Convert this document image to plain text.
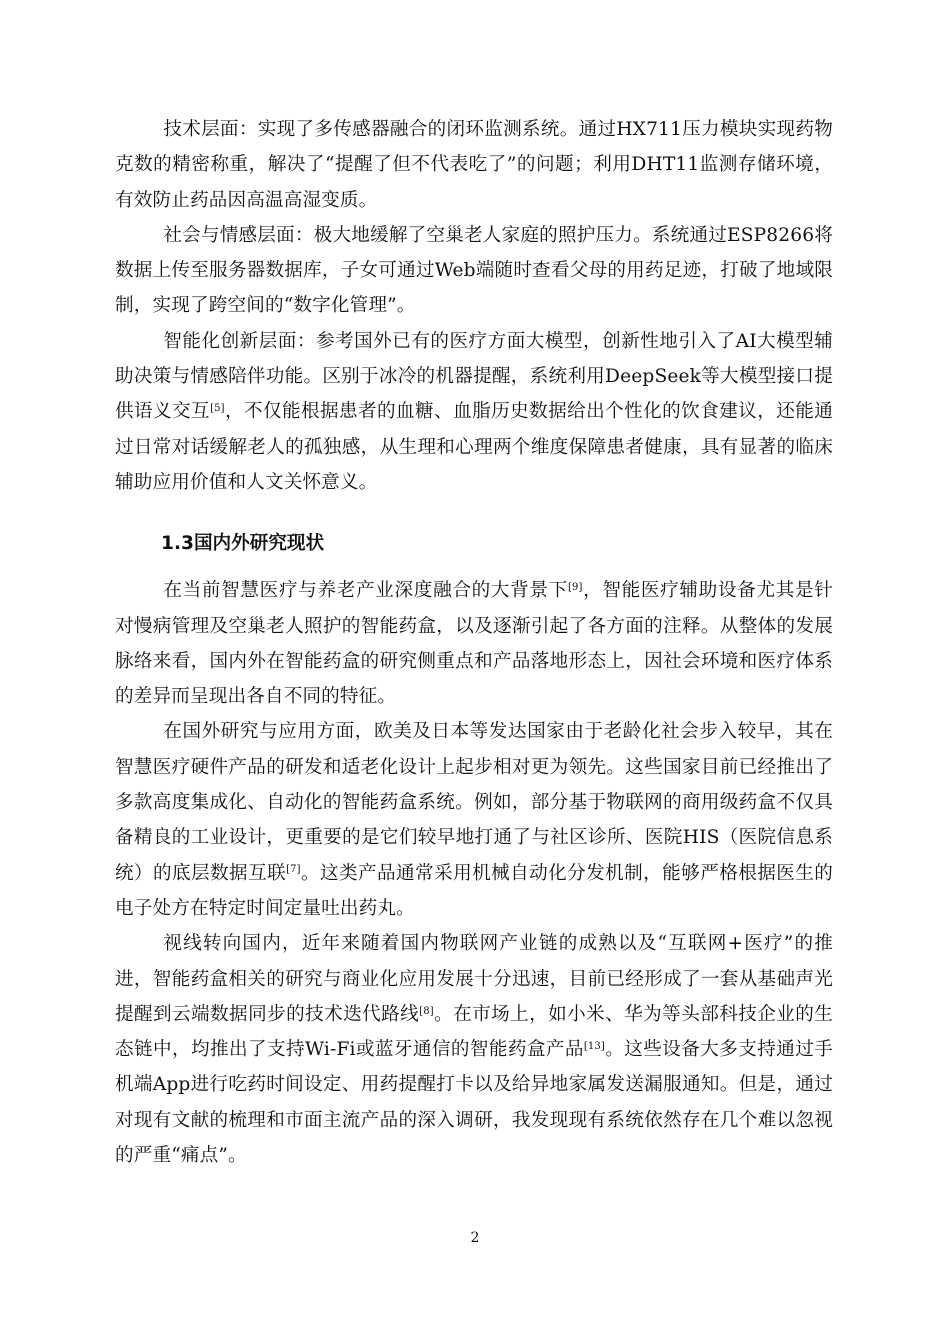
技术层面：实现了多传感器融合的闭环监测系统。通过HX711压力模块实现药物克数的精密称重，解决了“提醒了但不代表吃了”的问题；利用DHT11监测存储环境，有效防止药品因高温高湿变质。

社会与情感层面：极大地缓解了空巢老人家庭的照护压力。系统通过ESP8266将数据上传至服务器数据库，子女可通过Web端随时查看父母的用药足迹，打破了地域限制，实现了跨空间的“数字化管理”。

智能化创新层面：参考国外已有的医疗方面大模型，创新性地引入了AI大模型辅助决策与情感陪伴功能。区别于冰冷的机器提醒，系统利用DeepSeek等大模型接口提供语义交互[5]，不仅能根据患者的血糖、血脂历史数据给出个性化的饮食建议，还能通过日常对话缓解老人的孤独感，从生理和心理两个维度保障患者健康，具有显著的临床辅助应用价值和人文关怀意义。

1.3国内外研究现状

在当前智慧医疗与养老产业深度融合的大背景下[9]，智能医疗辅助设备尤其是针对慢病管理及空巢老人照护的智能药盒，以及逐渐引起了各方面的注释。从整体的发展脉络来看，国内外在智能药盒的研究侧重点和产品落地形态上，因社会环境和医疗体系的差异而呈现出各自不同的特征。

在国外研究与应用方面，欧美及日本等发达国家由于老龄化社会步入较早，其在智慧医疗硬件产品的研发和适老化设计上起步相对更为领先。这些国家目前已经推出了多款高度集成化、自动化的智能药盒系统。例如，部分基于物联网的商用级药盒不仅具备精良的工业设计，更重要的是它们较早地打通了与社区诊所、医院HIS（医院信息系统）的底层数据互联[7]。这类产品通常采用机械自动化分发机制，能够严格根据医生的电子处方在特定时间定量吐出药丸。

视线转向国内，近年来随着国内物联网产业链的成熟以及“互联网+医疗”的推进，智能药盒相关的研究与商业化应用发展十分迅速，目前已经形成了一套从基础声光提醒到云端数据同步的技术迭代路线[8]。在市场上，如小米、华为等头部科技企业的生态链中，均推出了支持Wi-Fi或蓝牙通信的智能药盒产品[13]。这些设备大多支持通过手机端App进行吃药时间设定、用药提醒打卡以及给异地家属发送漏服通知。但是，通过对现有文献的梳理和市面主流产品的深入调研，我发现现有系统依然存在几个难以忽视的严重“痛点”。

2
